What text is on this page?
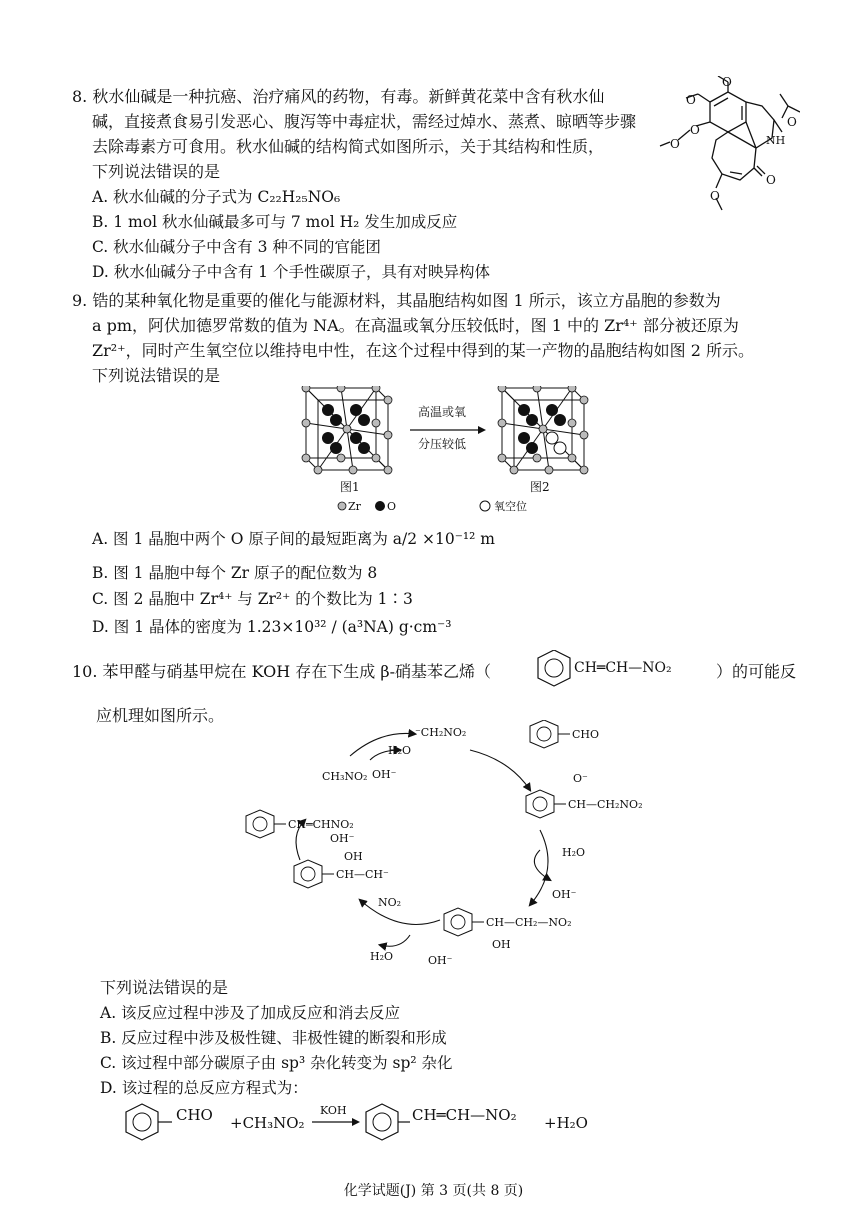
8. 秋水仙碱是一种抗癌、治疗痛风的药物，有毒。新鲜黄花菜中含有秋水仙
碱，直接煮食易引发恶心、腹泻等中毒症状，需经过焯水、蒸煮、晾晒等步骤
去除毒素方可食用。秋水仙碱的结构简式如图所示，关于其结构和性质，
下列说法错误的是
A. 秋水仙碱的分子式为 C₂₂H₂₅NO₆
B. 1 mol 秋水仙碱最多可与 7 mol H₂ 发生加成反应
C. 秋水仙碱分子中含有 3 种不同的官能团
D. 秋水仙碱分子中含有 1 个手性碳原子，具有对映异构体
O
O
O
O
O
O
O
NH
9. 锆的某种氧化物是重要的催化与能源材料，其晶胞结构如图 1 所示，该立方晶胞的参数为
a pm，阿伏加德罗常数的值为 NA。在高温或氧分压较低时，图 1 中的 Zr⁴⁺ 部分被还原为
Zr²⁺，同时产生氧空位以维持电中性，在这个过程中得到的某一产物的晶胞结构如图 2 所示。
下列说法错误的是
图1
高温或氧
分压较低
图2
Zr O	氧空位
A. 图 1 晶胞中两个 O 原子间的最短距离为 a/2 ×10⁻¹² m
B. 图 1 晶胞中每个 Zr 原子的配位数为 8
C. 图 2 晶胞中 Zr⁴⁺ 与 Zr²⁺ 的个数比为 1∶3
D. 图 1 晶体的密度为 1.23×10³² / (a³NA) g·cm⁻³
10. 苯甲醛与硝基甲烷在 KOH 存在下生成 β-硝基苯乙烯（	CH═CH—NO₂	）的可能反
应机理如图所示。
⁻CH₂NO₂
H₂O
CH₃NO₂ OH⁻
CHO
O⁻
CH—CH₂NO₂
H₂O
OH⁻
CH—CH₂—NO₂
OH
H₂O	OH⁻
OH
CH—CH⁻
NO₂
CH═CHNO₂
OH⁻
下列说法错误的是
A. 该反应过程中涉及了加成反应和消去反应
B. 反应过程中涉及极性键、非极性键的断裂和形成
C. 该过程中部分碳原子由 sp³ 杂化转变为 sp² 杂化
D. 该过程的总反应方程式为：
CHO +CH₃NO₂
KOH	CH═CH—NO₂ +H₂O
化学试题(J) 第 3 页(共 8 页)
